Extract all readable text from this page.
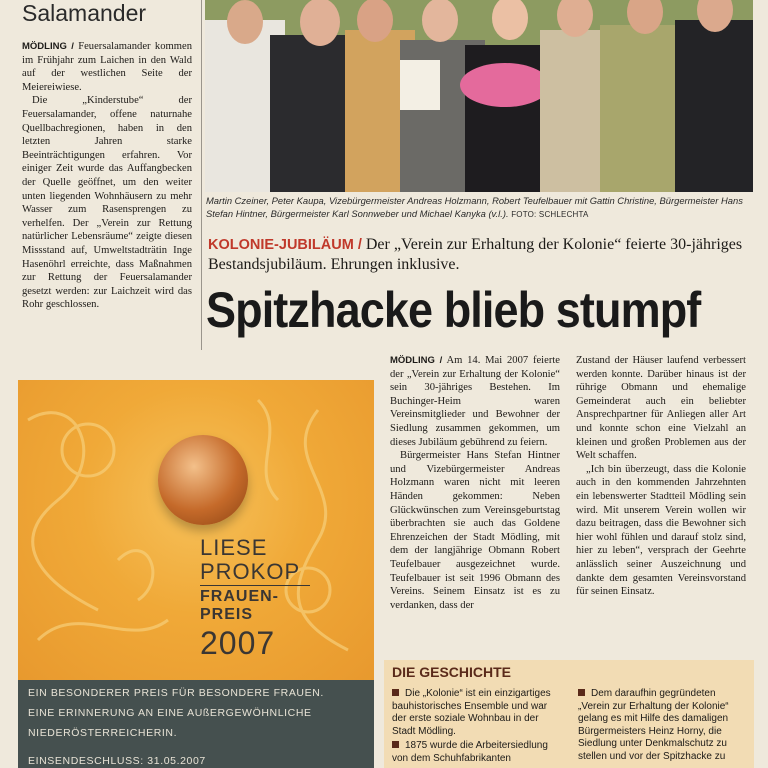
Salamander

MÖDLING / Feuersalamander kommen im Frühjahr zum Laichen in den Wald auf der westlichen Seite der Meiereiwiese.

Die „Kinderstube“ der Feuersalamander, offene naturnahe Quellbachregionen, haben in den letzten Jahren starke Beeinträchtigungen erfahren. Vor einiger Zeit wurde das Auffangbecken der Quelle geöffnet, um den weiter unten liegenden Wohnhäusern zu mehr Wasser zum Rasensprengen zu verhelfen. Der „Verein zur Rettung natürlicher Lebensräume“ zeigte diesen Missstand auf, Umweltstadträtin Inge Hasenöhrl erreichte, dass Maßnahmen zur Rettung der Feuersalamander gesetzt werden: zur Laichzeit wird das Rohr geschlossen.

Martin Czeiner, Peter Kaupa, Vizebürgermeister Andreas Holzmann, Robert Teufelbauer mit Gattin Christine, Bürgermeister Hans Stefan Hintner, Bürgermeister Karl Sonnweber und Michael Kanyka (v.l.). FOTO: SCHLECHTA
KOLONIE-JUBILÄUM / Der „Verein zur Erhaltung der Kolonie“ feierte 30-jähriges Bestandsjubiläum. Ehrungen inklusive.
Spitzhacke blieb stumpf

MÖDLING / Am 14. Mai 2007 feierte der „Verein zur Erhaltung der Kolonie“ sein 30-jähriges Bestehen. Im Buchinger-Heim waren Vereinsmitglieder und Bewohner der Siedlung zusammen gekommen, um dieses Jubiläum gebührend zu feiern.

Bürgermeister Hans Stefan Hintner und Vizebürgermeister Andreas Holzmann waren nicht mit leeren Händen gekommen: Neben Glückwünschen zum Vereinsgeburtstag überbrachten sie auch das Goldene Ehrenzeichen der Stadt Mödling, mit dem der langjährige Obmann Robert Teufelbauer ausgezeichnet wurde. Teufelbauer ist seit 1996 Obmann des Vereins. Seinem Einsatz ist es zu verdanken, dass der

Zustand der Häuser laufend verbessert werden konnte. Darüber hinaus ist der rührige Obmann und ehemalige Gemeinderat auch ein beliebter Ansprechpartner für Anliegen aller Art und konnte schon eine Vielzahl an kleinen und großen Problemen aus der Welt schaffen.

„Ich bin überzeugt, dass die Kolonie auch in den kommenden Jahrzehnten ein lebenswerter Stadtteil Mödling sein wird. Mit unserem Verein wollen wir dazu beitragen, dass die Bewohner sich hier wohl fühlen und darauf stolz sind, hier zu leben“, versprach der Geehrte anlässlich seiner Auszeichnung und dankte dem gesamten Vereinsvorstand für seinen Einsatz.

DIE GESCHICHTE

Die „Kolonie“ ist ein einzigartiges bauhistorisches Ensemble und war der erste soziale Wohnbau in der Stadt Mödling.

1875 wurde die Arbeitersiedlung von dem Schuhfabrikanten

Dem daraufhin gegründeten „Verein zur Erhaltung der Kolonie“ gelang es mit Hilfe des damaligen Bürgermeisters Heinz Horny, die Siedlung unter Denkmalschutz zu stellen und vor der Spitzhacke zu

LIESE
PROKOP
FRAUEN-
PREIS
2007
EIN BESONDERER PREIS FÜR BESONDERE FRAUEN.
EINE ERINNERUNG AN EINE AUßERGEWÖHNLICHE
NIEDERÖSTERREICHERIN.
EINSENDESCHLUSS: 31.05.2007
